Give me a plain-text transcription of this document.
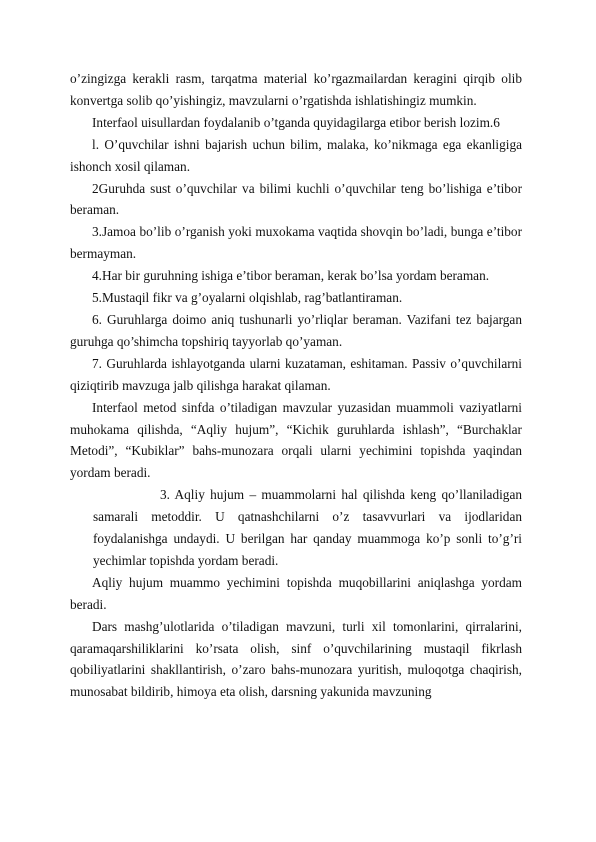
o’zingizga kerakli rasm, tarqatma material ko’rgazmailardan keragini qirqib olib konvertga solib qo’yishingiz, mavzularni o’rgatishda ishlatishingiz mumkin.

Interfaol uisullardan foydalanib o’tganda quyidagilarga etibor berish lozim.6

l. O’quvchilar ishni bajarish uchun bilim, malaka, ko’nikmaga ega ekanligiga ishonch xosil qilaman.

2Guruhda sust o’quvchilar va bilimi kuchli o’quvchilar teng bo’lishiga e’tibor beraman.

3.Jamoa bo’lib o’rganish yoki muxokama vaqtida shovqin bo’ladi, bunga e’tibor bermayman.

4.Har bir guruhning ishiga e’tibor beraman, kerak bo’lsa yordam beraman.

5.Mustaqil fikr va g’oyalarni olqishlab, rag’batlantiraman.

6. Guruhlarga doimo aniq tushunarli yo’rliqlar beraman. Vazifani tez bajargan guruhga qo’shimcha topshiriq tayyorlab qo’yaman.

7. Guruhlarda ishlayotganda ularni kuzataman, eshitaman. Passiv o’quvchilarni qiziqtirib mavzuga jalb qilishga harakat qilaman.

Interfaol metod sinfda o’tiladigan mavzular yuzasidan muammoli vaziyatlarni muhokama qilishda, “Aqliy hujum”, “Kichik guruhlarda ishlash”, “Burchaklar Metodi”, “Kubiklar” bahs-munozara orqali ularni yechimini topishda yaqindan yordam beradi.

3. Aqliy hujum – muammolarni hal qilishda keng qo’llaniladigan samarali metoddir. U qatnashchilarni o’z tasavvurlari va ijodlaridan foydalanishga undaydi. U berilgan har qanday muammoga ko’p sonli to’g’ri yechimlar topishda yordam beradi.

Aqliy hujum muammo yechimini topishda muqobillarini aniqlashga yordam beradi.

Dars mashg’ulotlarida o’tiladigan mavzuni, turli xil tomonlarini, qirralarini, qaramaqarshiliklarini ko’rsata olish, sinf o’quvchilarining mustaqil fikrlash qobiliyatlarini shakllantirish, o’zaro bahs-munozara yuritish, muloqotga chaqirish, munosabat bildirib, himoya eta olish, darsning yakunida mavzuning
